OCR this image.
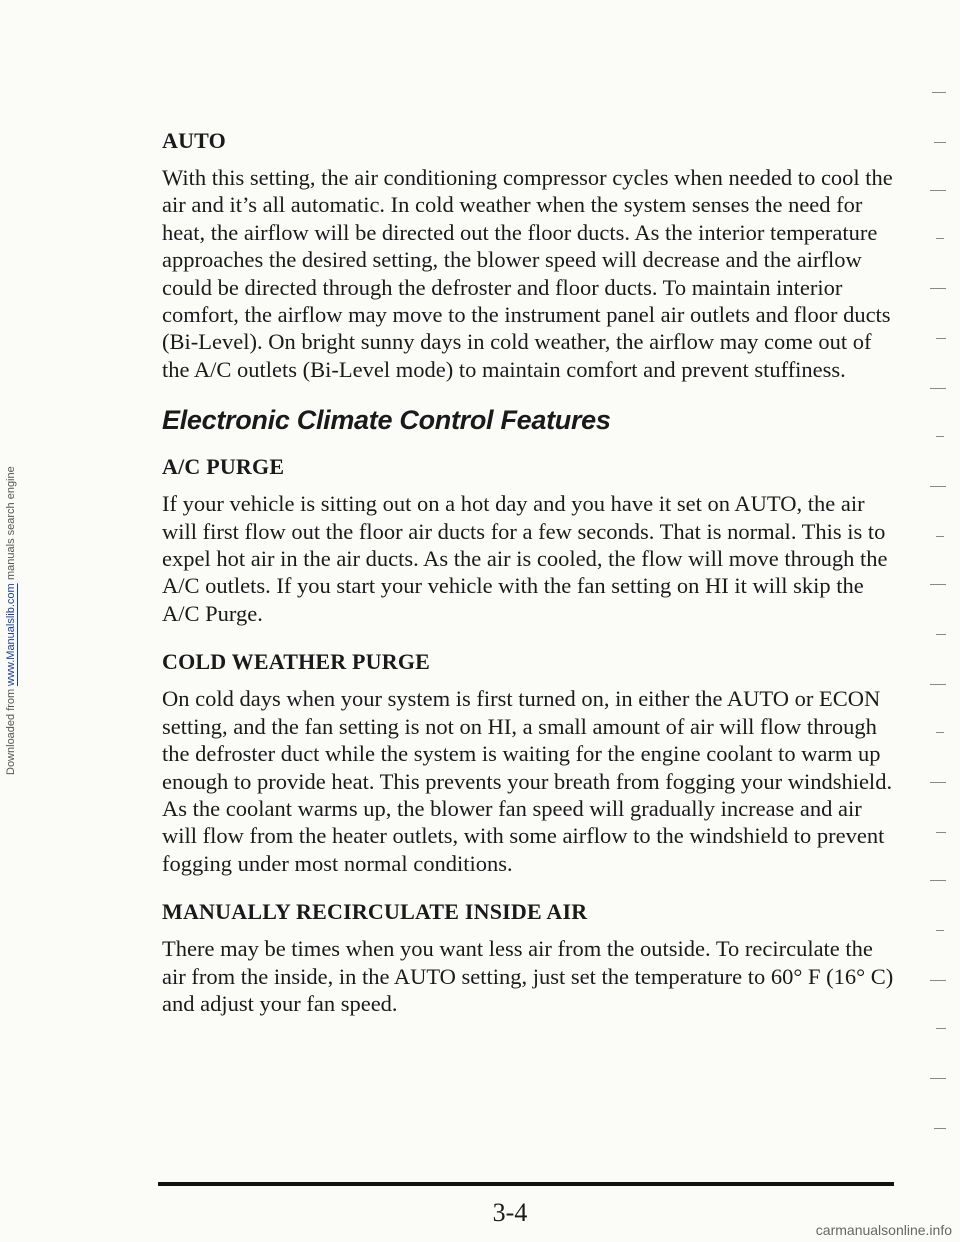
Downloaded from

www.Manualslib.com

manuals search engine
AUTO

With this setting, the air conditioning compressor cycles when needed to cool the air and it’s all automatic. In cold weather when the system senses the need for heat, the airflow will be directed out the floor ducts. As the interior temperature approaches the desired setting, the blower speed will decrease and the airflow could be directed through the defroster and floor ducts. To maintain interior comfort, the airflow may move to the instrument panel air outlets and floor ducts (Bi-Level). On bright sunny days in cold weather, the airflow may come out of the A/C outlets (Bi-Level mode) to maintain comfort and prevent stuffiness.

Electronic Climate Control Features
A/C PURGE

If your vehicle is sitting out on a hot day and you have it set on AUTO, the air will first flow out the floor air ducts for a few seconds. That is normal. This is to expel hot air in the air ducts. As the air is cooled, the flow will move through the A/C outlets. If you start your vehicle with the fan setting on HI it will skip the A/C Purge.

COLD WEATHER PURGE

On cold days when your system is first turned on, in either the AUTO or ECON setting, and the fan setting is not on HI, a small amount of air will flow through the defroster duct while the system is waiting for the engine coolant to warm up enough to provide heat. This prevents your breath from fogging your windshield. As the coolant warms up, the blower fan speed will gradually increase and air will flow from the heater outlets, with some airflow to the windshield to prevent fogging under most normal conditions.

MANUALLY RECIRCULATE INSIDE AIR

There may be times when you want less air from the outside. To recirculate the air from the inside, in the AUTO setting, just set the temperature to 60° F (16° C) and adjust your fan speed.

3-4
carmanualsonline.info
